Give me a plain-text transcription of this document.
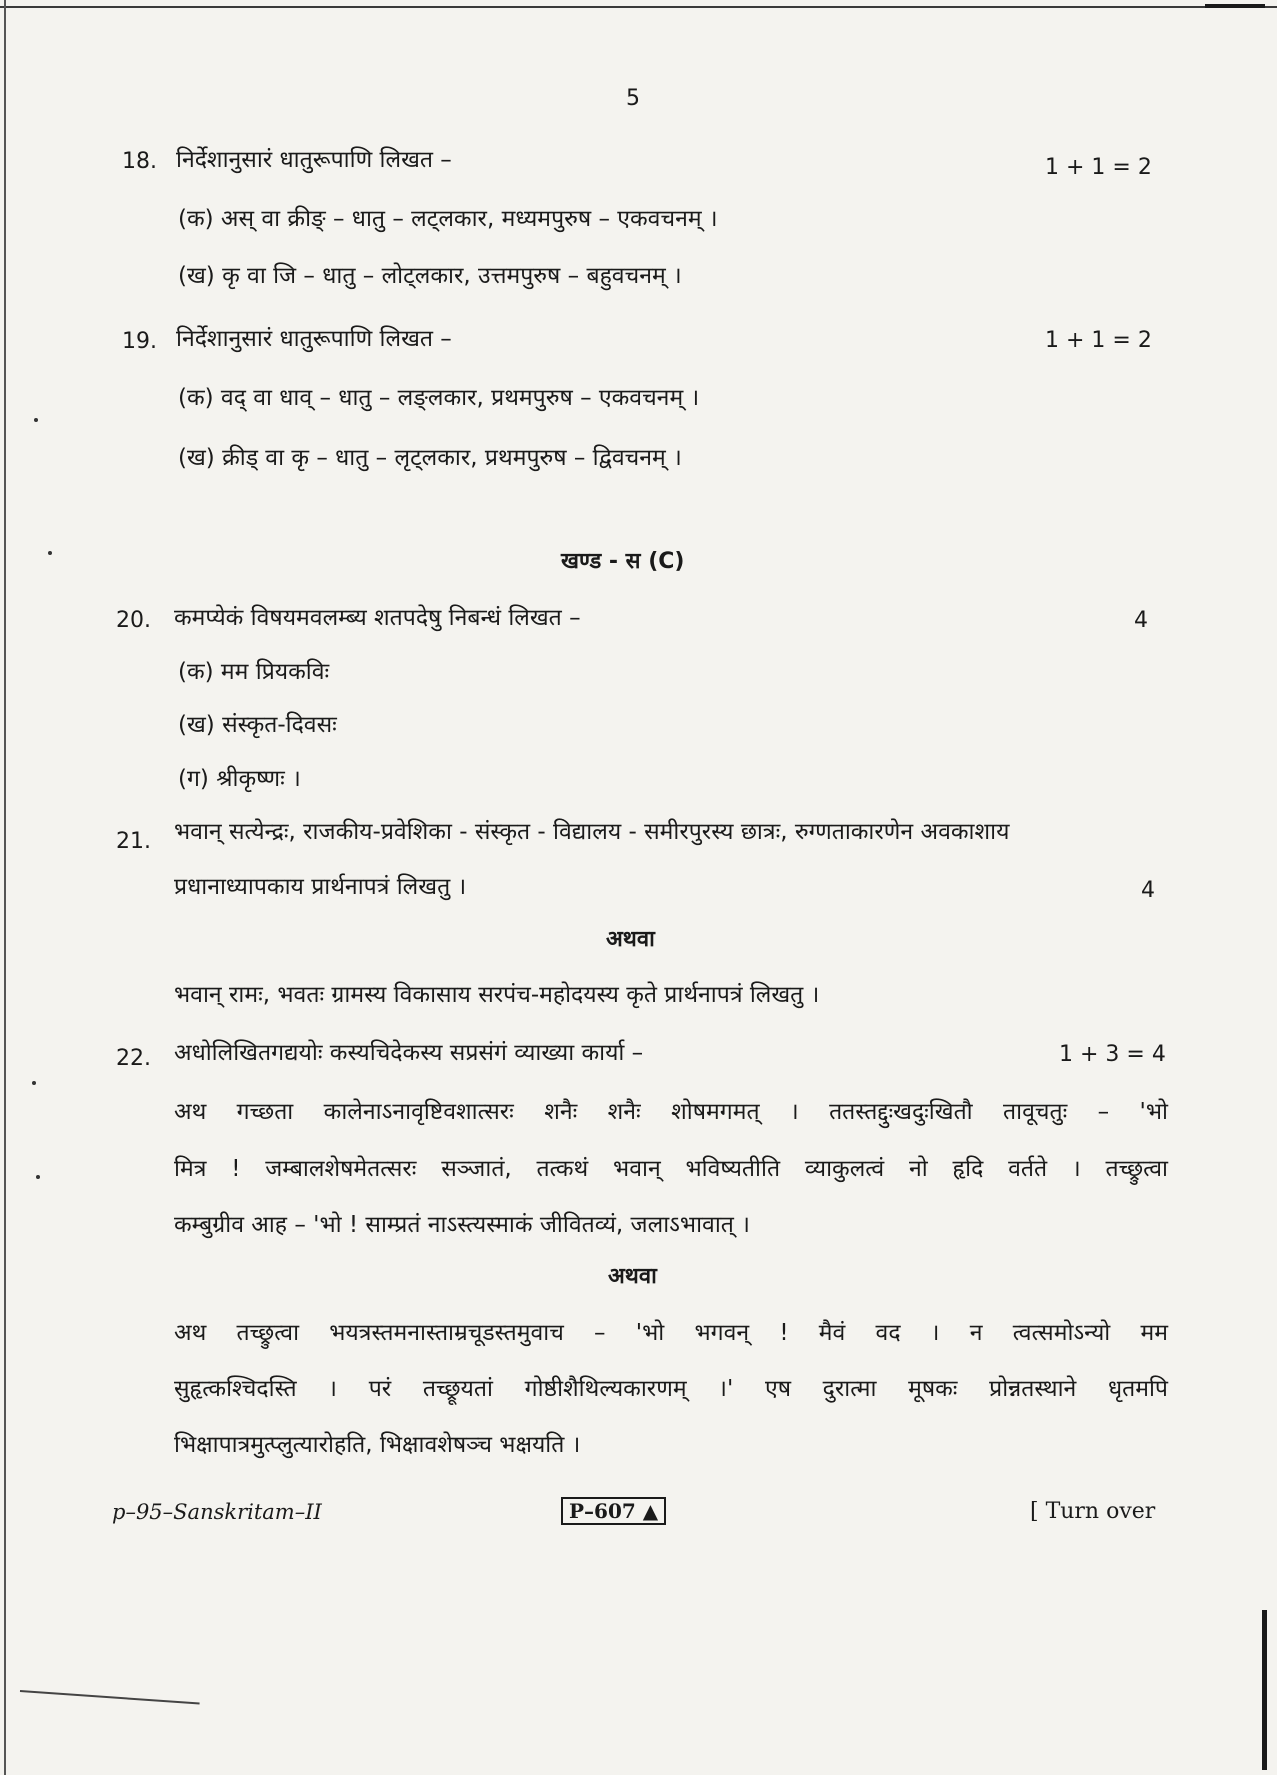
5
18. निर्देशानुसारं धातुरूपाणि लिखत –	1 + 1 = 2
(क) अस् वा क्रीङ् – धातु – लट्लकार, मध्यमपुरुष – एकवचनम् ।
(ख) कृ वा जि – धातु – लोट्लकार, उत्तमपुरुष – बहुवचनम् ।
19. निर्देशानुसारं धातुरूपाणि लिखत –	1 + 1 = 2
(क) वद् वा धाव् – धातु – लङ्लकार, प्रथमपुरुष – एकवचनम् ।
(ख) क्रीड् वा कृ – धातु – लृट्लकार, प्रथमपुरुष – द्विवचनम् ।
खण्ड - स (C)
20. कमप्येकं विषयमवलम्ब्य शतपदेषु निबन्धं लिखत –	4
(क) मम प्रियकविः
(ख) संस्कृत-दिवसः
(ग) श्रीकृष्णः ।
21. भवान् सत्येन्द्रः, राजकीय-प्रवेशिका - संस्कृत - विद्यालय - समीरपुरस्य छात्रः, रुग्णताकारणेन अवकाशाय
प्रधानाध्यापकाय प्रार्थनापत्रं लिखतु ।	4
अथवा
भवान् रामः, भवतः ग्रामस्य विकासाय सरपंच-महोदयस्य कृते प्रार्थनापत्रं लिखतु ।
22. अधोलिखितगद्ययोः कस्यचिदेकस्य सप्रसंगं व्याख्या कार्या –	1 + 3 = 4
अथ गच्छता कालेनाऽनावृष्टिवशात्सरः शनैः शनैः शोषमगमत् । ततस्तद्दुःखदुःखितौ तावूचतुः – 'भो
मित्र ! जम्बालशेषमेतत्सरः सञ्जातं, तत्कथं भवान् भविष्यतीति व्याकुलत्वं नो हृदि वर्तते । तच्छ्रुत्वा
कम्बुग्रीव आह – 'भो ! साम्प्रतं नाऽस्त्यस्माकं जीवितव्यं, जलाऽभावात् ।
अथवा
अथ तच्छ्रुत्वा भयत्रस्तमनास्ताम्रचूडस्तमुवाच – 'भो भगवन् ! मैवं वद । न त्वत्समोऽन्यो मम
सुहृत्कश्चिदस्ति । परं तच्छ्रूयतां गोष्ठीशैथिल्यकारणम् ।' एष दुरात्मा मूषकः प्रोन्नतस्थाने धृतमपि
भिक्षापात्रमुत्प्लुत्यारोहति, भिक्षावशेषञ्च भक्षयति ।
p–95–Sanskritam–II	P–607 ▲	[ Turn over
